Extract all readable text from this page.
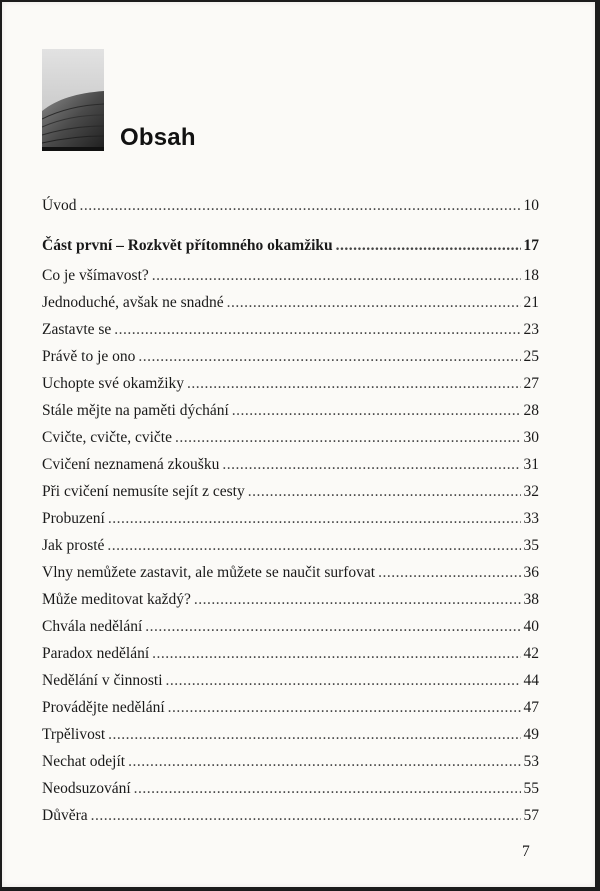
Obsah
Úvod .....	10
Část první – Rozkvět přítomného okamžiku .....	17
Co je všímavost? .....	18
Jednoduché, avšak ne snadné .....	21
Zastavte se .....	23
Právě to je ono .....	25
Uchopte své okamžiky .....	27
Stále mějte na paměti dýchání .....	28
Cvičte, cvičte, cvičte .....	30
Cvičení neznamená zkoušku .....	31
Při cvičení nemusíte sejít z cesty .....	32
Probuzení .....	33
Jak prosté .....	35
Vlny nemůžete zastavit, ale můžete se naučit surfovat .....	36
Může meditovat každý? .....	38
Chvála nedělání .....	40
Paradox nedělání .....	42
Nedělání v činnosti .....	44
Provádějte nedělání .....	47
Trpělivost .....	49
Nechat odejít .....	53
Neodsuzování .....	55
Důvěra .....	57
7
